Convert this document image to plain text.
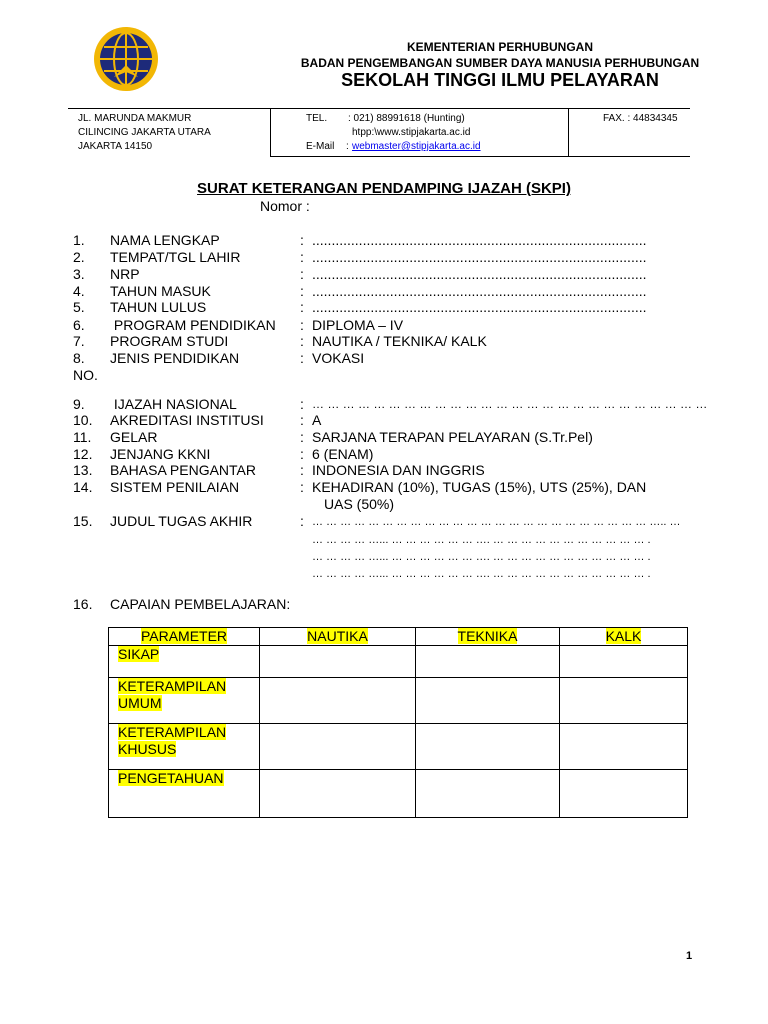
KEMENTERIAN PERHUBUNGAN
BADAN PENGEMBANGAN SUMBER DAYA MANUSIA PERHUBUNGAN
SEKOLAH TINGGI ILMU PELAYARAN
JL. MARUNDA MAKMUR
CILINCING JAKARTA UTARA
JAKARTA 14150
TEL. : 021) 88991618 (Hunting)
htpp:\www.stipjakarta.ac.id
E-Mail : webmaster@stipjakarta.ac.id
FAX. : 44834345
SURAT KETERANGAN PENDAMPING IJAZAH (SKPI)
Nomor :
1. NAMA LENGKAP	: ......................................................................................
2. TEMPAT/TGL LAHIR	: ......................................................................................
3. NRP	: ......................................................................................
4. TAHUN MASUK	: ......................................................................................
5. TAHUN LULUS	: ......................................................................................
6. PROGRAM PENDIDIKAN : DIPLOMA – IV
7. PROGRAM STUDI	: NAUTIKA / TEKNIKA/ KALK
8. JENIS PENDIDIKAN	: VOKASI
NO.
9. IJAZAH NASIONAL	: … … … … … … … … … … … … … … … … … … … … … … … … … …
10. AKREDITASI INSTITUSI	: A
11. GELAR	: SARJANA TERAPAN PELAYARAN (S.Tr.Pel)
12. JENJANG KKNI	: 6 (ENAM)
13. BAHASA PENGANTAR	: INDONESIA DAN INGGRIS
14. SISTEM PENILAIAN	: KEHADIRAN (10%), TUGAS (15%), UTS (25%), DAN
UAS (50%)
15. JUDUL TUGAS AKHIR	: … … … … … … … … … … … … … … … … … … … … … … … … ….. …
… … … … …... … … … … … … …. … … … … … … … … … … … .
… … … … …... … … … … … … …. … … … … … … … … … … … .
… … … … …... … … … … … … …. … … … … … … … … … … … .
16. CAPAIAN PEMBELAJARAN:
PARAMETER	NAUTIKA	TEKNIKA	KALK
SIKAP			
KETERAMPILAN
UMUM			
KETERAMPILAN
KHUSUS			
PENGETAHUAN			
1
